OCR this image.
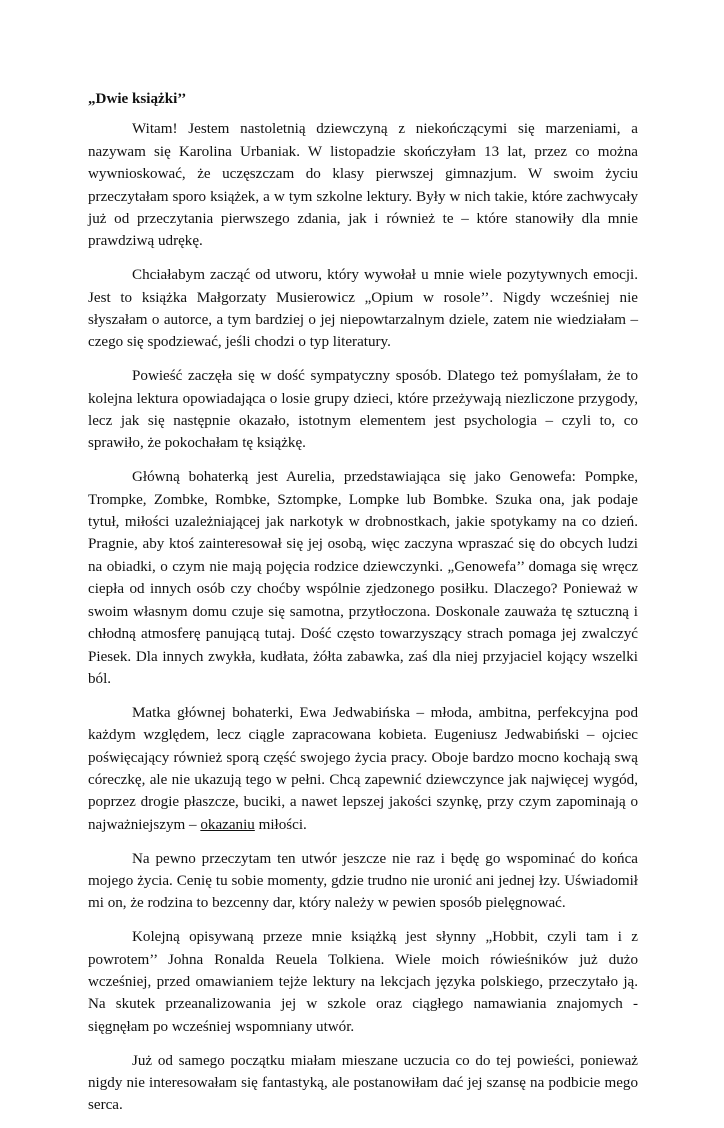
„Dwie książki’’

Witam! Jestem nastoletnią dziewczyną z niekończącymi się marzeniami, a nazywam się Karolina Urbaniak. W listopadzie skończyłam 13 lat, przez co można wywnioskować, że uczęszczam do klasy pierwszej gimnazjum. W swoim życiu przeczytałam sporo książek, a w tym szkolne lektury. Były w nich takie, które zachwycały już od przeczytania pierwszego zdania, jak i również te – które stanowiły dla mnie prawdziwą udrękę.

Chciałabym zacząć od utworu, który wywołał u mnie wiele pozytywnych emocji. Jest to książka Małgorzaty Musierowicz „Opium w rosole’’. Nigdy wcześniej nie słyszałam o autorce, a tym bardziej o jej niepowtarzalnym dziele, zatem nie wiedziałam – czego się spodziewać, jeśli chodzi o typ literatury.

Powieść zaczęła się w dość sympatyczny sposób. Dlatego też pomyślałam, że to kolejna lektura opowiadająca o losie grupy dzieci, które przeżywają niezliczone przygody, lecz jak się następnie okazało, istotnym elementem jest psychologia – czyli to, co sprawiło, że pokochałam tę książkę.

Główną bohaterką jest Aurelia, przedstawiająca się jako Genowefa: Pompke, Trompke, Zombke, Rombke, Sztompke, Lompke lub Bombke. Szuka ona, jak podaje tytuł, miłości uzależniającej jak narkotyk w drobnostkach, jakie spotykamy na co dzień. Pragnie, aby ktoś zainteresował się jej osobą, więc zaczyna wpraszać się do obcych ludzi na obiadki, o czym nie mają pojęcia rodzice dziewczynki. „Genowefa’’ domaga się wręcz ciepła od innych osób czy choćby wspólnie zjedzonego posiłku. Dlaczego? Ponieważ w swoim własnym domu czuje się samotna, przytłoczona. Doskonale zauważa tę sztuczną i chłodną atmosferę panującą tutaj. Dość często towarzyszący strach pomaga jej zwalczyć Piesek. Dla innych zwykła, kudłata, żółta zabawka, zaś dla niej przyjaciel kojący wszelki ból.

Matka głównej bohaterki, Ewa Jedwabińska – młoda, ambitna, perfekcyjna pod każdym względem, lecz ciągle zapracowana kobieta. Eugeniusz Jedwabiński – ojciec poświęcający również sporą część swojego życia pracy. Oboje bardzo mocno kochają swą córeczkę, ale nie ukazują tego w pełni. Chcą zapewnić dziewczynce jak najwięcej wygód, poprzez drogie płaszcze, buciki, a nawet lepszej jakości szynkę, przy czym zapominają o najważniejszym – okazaniu miłości.

Na pewno przeczytam ten utwór jeszcze nie raz i będę go wspominać do końca mojego życia. Cenię tu sobie momenty, gdzie trudno nie uronić ani jednej łzy. Uświadomił mi on, że rodzina to bezcenny dar, który należy w pewien sposób pielęgnować.

Kolejną opisywaną przeze mnie książką jest słynny „Hobbit, czyli tam i z powrotem’’ Johna Ronalda Reuela Tolkiena. Wiele moich rówieśników już dużo wcześniej, przed omawianiem tejże lektury na lekcjach języka polskiego, przeczytało ją. Na skutek przeanalizowania jej w szkole oraz ciągłego namawiania znajomych - sięgnęłam po wcześniej wspomniany utwór.

Już od samego początku miałam mieszane uczucia co do tej powieści, ponieważ nigdy nie interesowałam się fantastyką, ale postanowiłam dać jej szansę na podbicie mego serca.
